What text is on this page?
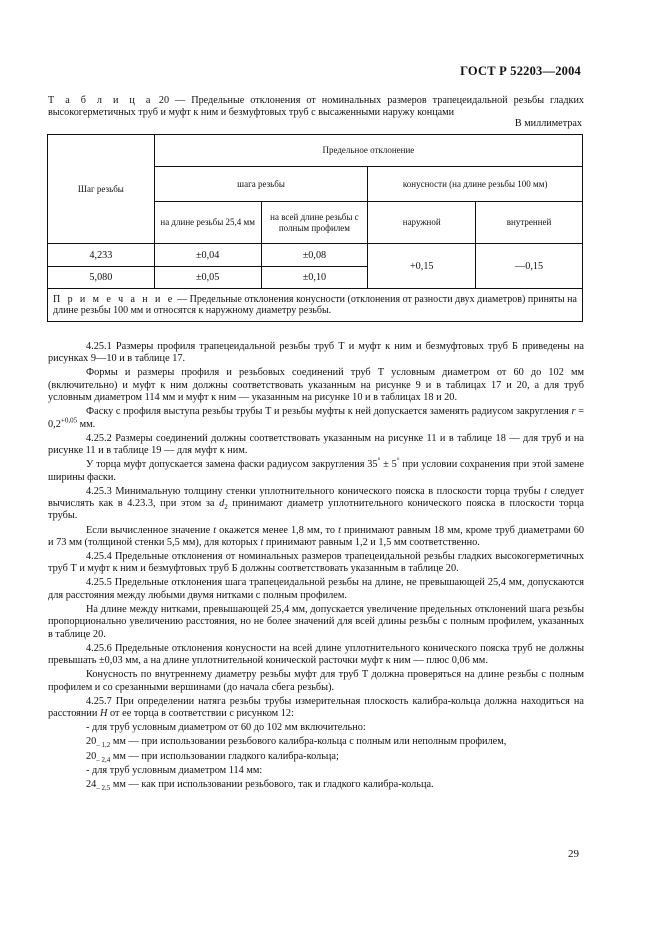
ГОСТ Р 52203—2004
Т а б л и ц а 20 — Предельные отклонения от номинальных размеров трапецеидальной резьбы гладких высокогерметичных труб и муфт к ним и безмуфтовых труб с высаженными наружу концами
В миллиметрах
Шаг резьбы	Предельное отклонение			
	шага резьбы		конусности (на длине резьбы 100 мм)	
	на длине резьбы 25,4 мм	на всей длине резьбы с полным профилем	наружной	внутренней
4,233	±0,04	±0,08	+0,15	—0,15
5,080	±0,05	±0,10		
П р и м е ч а н и е — Предельные отклонения конусности (отклонения от разности двух диаметров) приняты на длине резьбы 100 мм и относятся к наружному диаметру резьбы.				

4.25.1 Размеры профиля трапецеидальной резьбы труб Т и муфт к ним и безмуфтовых труб Б приведены на рисунках 9—10 и в таблице 17.

Формы и размеры профиля и резьбовых соединений труб Т условным диаметром от 60 до 102 мм (включительно) и муфт к ним должны соответствовать указанным на рисунке 9 и в таблицах 17 и 20, а для труб условным диаметром 114 мм и муфт к ним — указанным на рисунке 10 и в таблицах 18 и 20.

Фаску с профиля выступа резьбы трубы Т и резьбы муфты к ней допускается заменять радиусом закругления $r = 0,2^{+0,05}$ мм.

4.25.2 Размеры соединений должны соответствовать указанным на рисунке 11 и в таблице 18 — для труб и на рисунке 11 и в таблице 19 — для муфт к ним.

У торца муфт допускается замена фаски радиусом закругления 35° ± 5° при условии сохранения при этой замене ширины фаски.

4.25.3 Минимальную толщину стенки уплотнительного конического пояска в плоскости торца трубы t следует вычислять как в 4.23.3, при этом за $d_2$ принимают диаметр уплотнительного конического пояска в плоскости торца трубы.

Если вычисленное значение t окажется менее 1,8 мм, то t принимают равным 18 мм, кроме труб диаметрами 60 и 73 мм (толщиной стенки 5,5 мм), для которых t принимают равным 1,2 и 1,5 мм соответственно.

4.25.4 Предельные отклонения от номинальных размеров трапецеидальной резьбы гладких высокогерметичных труб Т и муфт к ним и безмуфтовых труб Б должны соответствовать указанным в таблице 20.

4.25.5 Предельные отклонения шага трапецеидальной резьбы на длине, не превышающей 25,4 мм, допускаются для расстояния между любыми двумя нитками с полным профилем.

На длине между нитками, превышающей 25,4 мм, допускается увеличение предельных отклонений шага резьбы пропорционально увеличению расстояния, но не более значений для всей длины резьбы с полным профилем, указанных в таблице 20.

4.25.6 Предельные отклонения конусности на всей длине уплотнительного конического пояска труб не должны превышать ±0,03 мм, а на длине уплотнительной конической расточки муфт к ним — плюс 0,06 мм.

Конусность по внутреннему диаметру резьбы муфт для труб Т должна проверяться на длине резьбы с полным профилем и со срезанными вершинами (до начала сбега резьбы).

4.25.7 При определении натяга резьбы трубы измерительная плоскость калибра-кольца должна находиться на расстоянии Н от ее торца в соответствии с рисунком 12:

- для труб условным диаметром от 60 до 102 мм включительно:

$20_{- 1,2}$ мм — при использовании резьбового калибра-кольца с полным или неполным профилем,

$20_{- 2,4}$ мм — при использовании гладкого калибра-кольца;

- для труб условным диаметром 114 мм:

$24_{- 2,5}$ мм — как при использовании резьбового, так и гладкого калибра-кольца.

29
